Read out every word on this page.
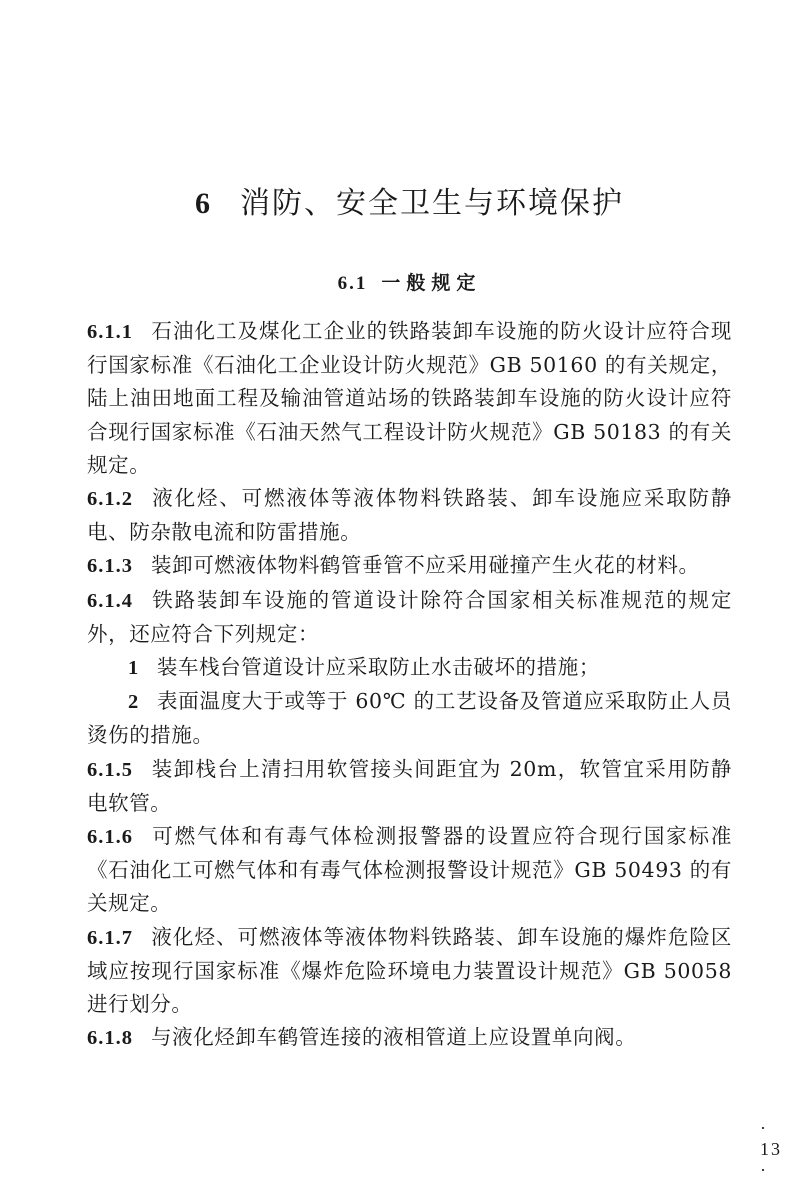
6 消防、安全卫生与环境保护
6.1 一般规定

6.1.1 石油化工及煤化工企业的铁路装卸车设施的防火设计应符合现行国家标准《石油化工企业设计防火规范》GB 50160 的有关规定，陆上油田地面工程及输油管道站场的铁路装卸车设施的防火设计应符合现行国家标准《石油天然气工程设计防火规范》GB 50183 的有关规定。

6.1.2 液化烃、可燃液体等液体物料铁路装、卸车设施应采取防静电、防杂散电流和防雷措施。

6.1.3 装卸可燃液体物料鹤管垂管不应采用碰撞产生火花的材料。

6.1.4 铁路装卸车设施的管道设计除符合国家相关标准规范的规定外，还应符合下列规定：

1 装车栈台管道设计应采取防止水击破坏的措施；

2 表面温度大于或等于 60℃ 的工艺设备及管道应采取防止人员烫伤的措施。

6.1.5 装卸栈台上清扫用软管接头间距宜为 20m，软管宜采用防静电软管。

6.1.6 可燃气体和有毒气体检测报警器的设置应符合现行国家标准《石油化工可燃气体和有毒气体检测报警设计规范》GB 50493 的有关规定。

6.1.7 液化烃、可燃液体等液体物料铁路装、卸车设施的爆炸危险区域应按现行国家标准《爆炸危险环境电力装置设计规范》GB 50058 进行划分。

6.1.8 与液化烃卸车鹤管连接的液相管道上应设置单向阀。

· 13 ·
